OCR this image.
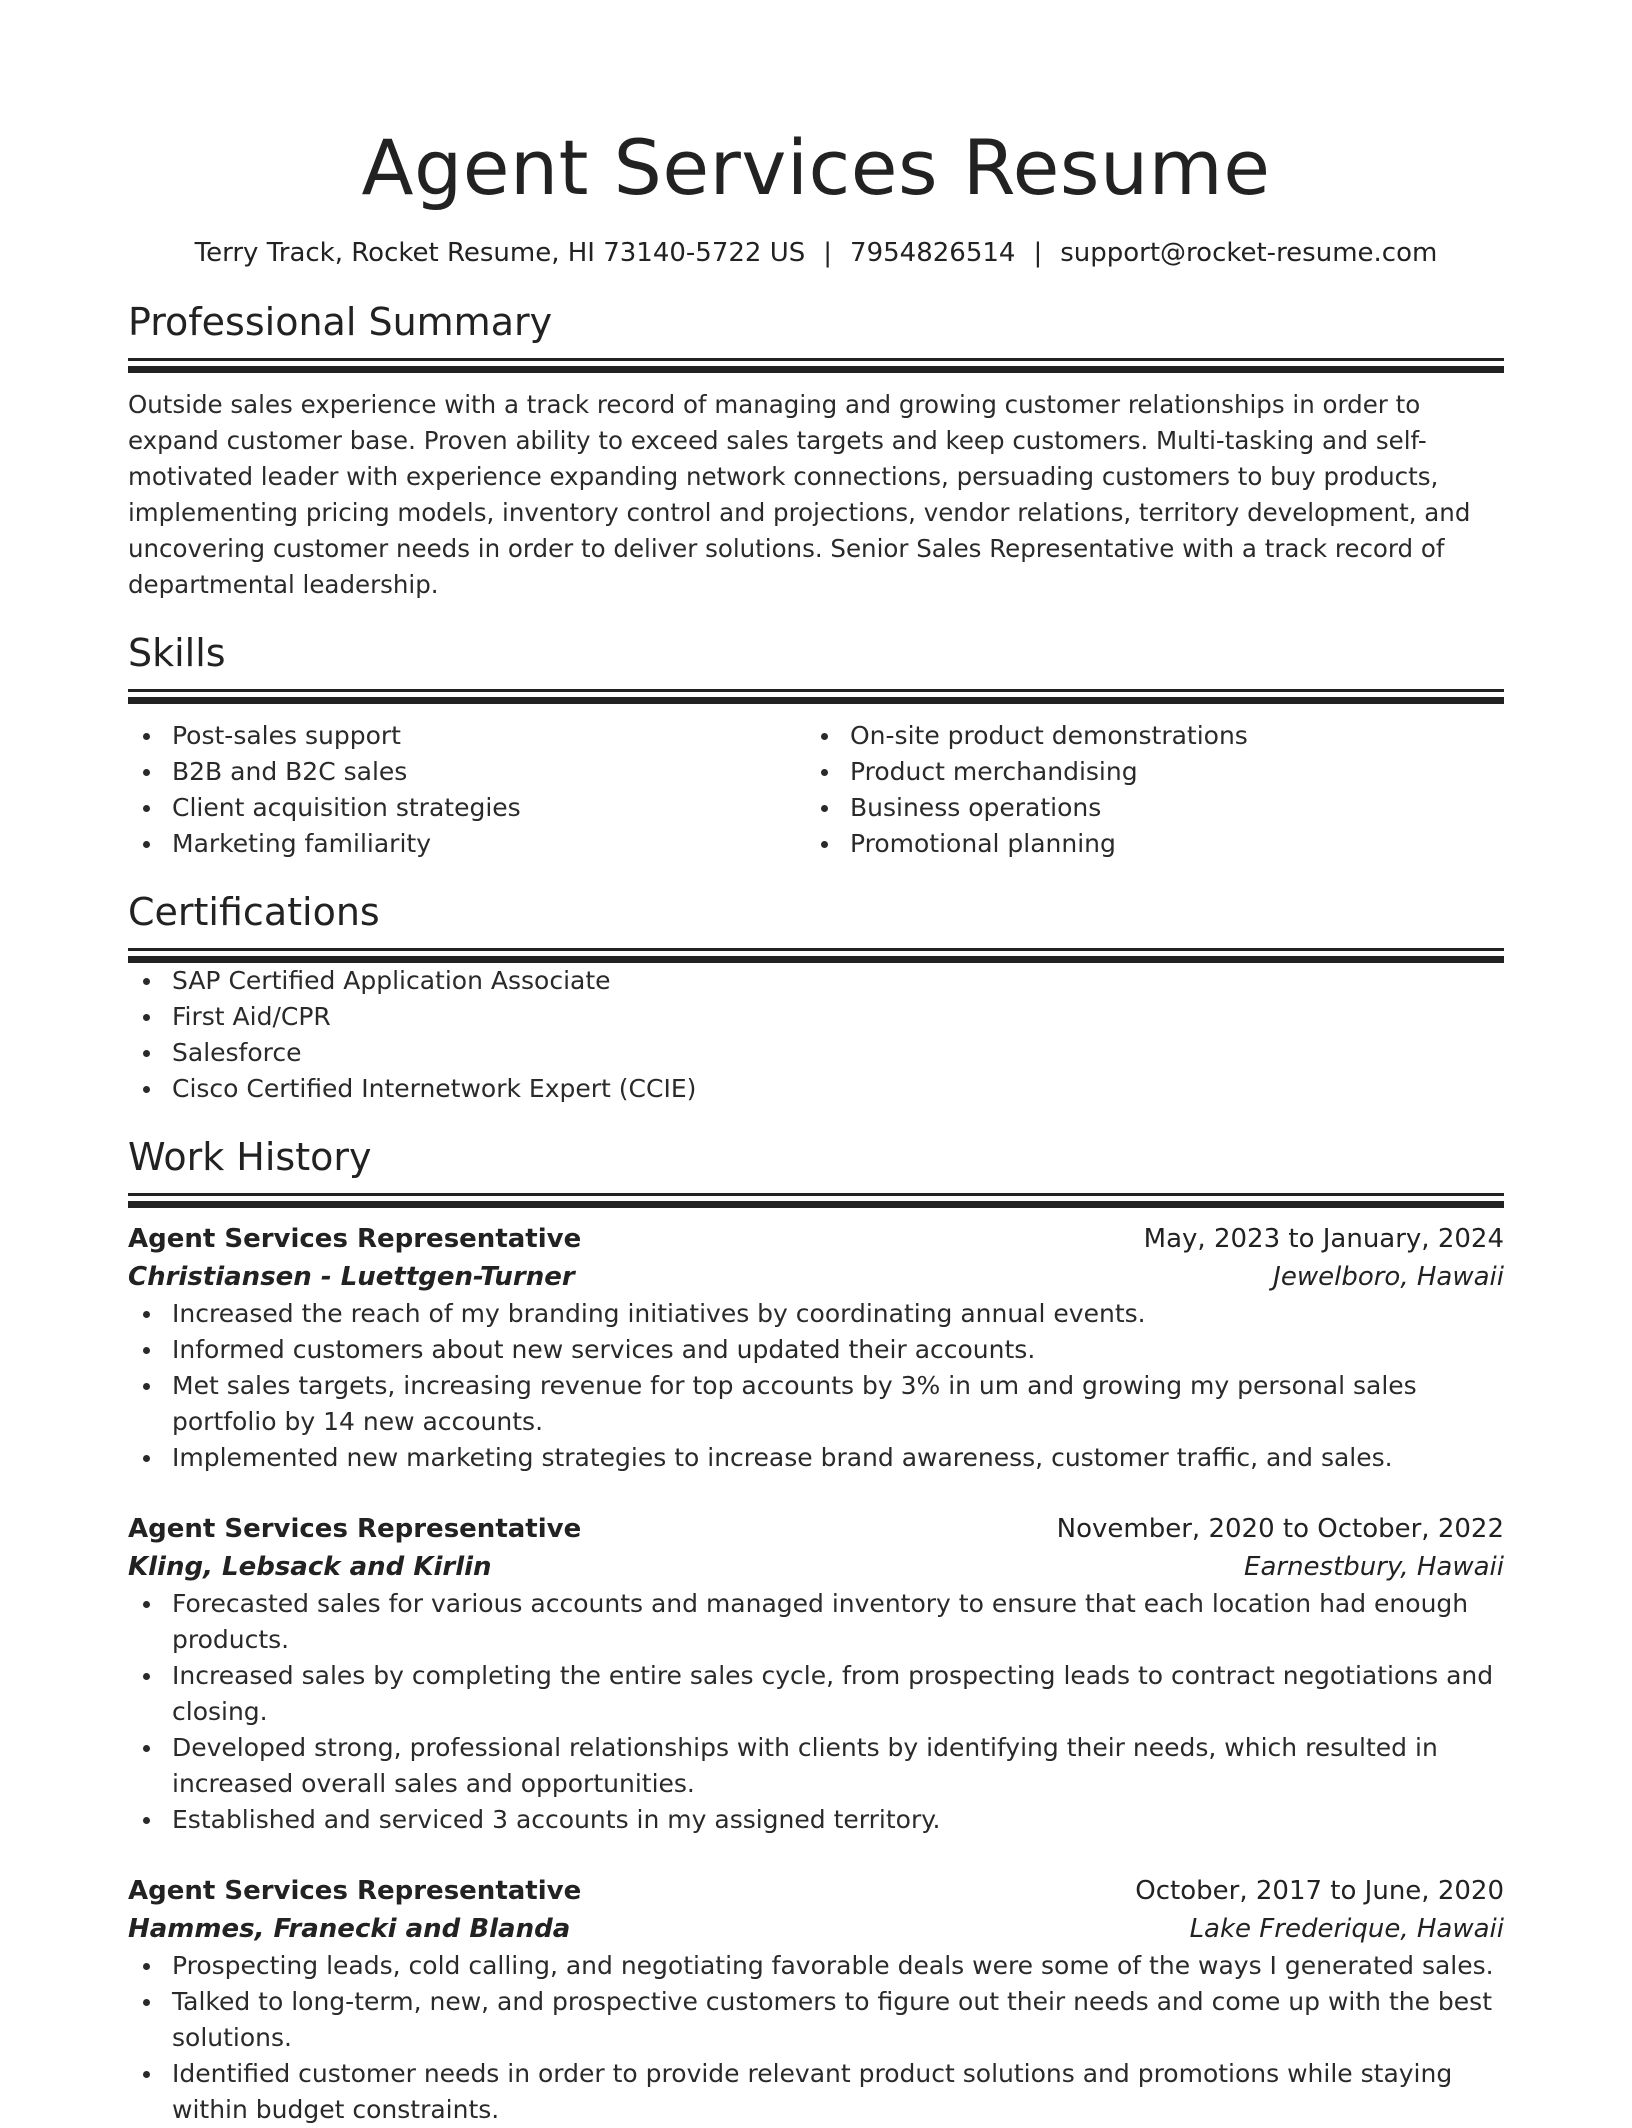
Agent Services Resume
Terry Track, Rocket Resume, HI 73140-5722 US | 7954826514 | support@rocket-resume.com
Professional Summary

Outside sales experience with a track record of managing and growing customer relationships in order to expand customer base. Proven ability to exceed sales targets and keep customers. Multi-tasking and self-motivated leader with experience expanding network connections, persuading customers to buy products, implementing pricing models, inventory control and projections, vendor relations, territory development, and uncovering customer needs in order to deliver solutions. Senior Sales Representative with a track record of departmental leadership.

Skills
Post-sales support
B2B and B2C sales
Client acquisition strategies
Marketing familiarity
On-site product demonstrations
Product merchandising
Business operations
Promotional planning
Certifications
SAP Certified Application Associate
First Aid/CPR
Salesforce
Cisco Certified Internetwork Expert (CCIE)
Work History
Agent Services Representative	May, 2023 to January, 2024
Christiansen - Luettgen-Turner	Jewelboro, Hawaii
Increased the reach of my branding initiatives by coordinating annual events.
Informed customers about new services and updated their accounts.
Met sales targets, increasing revenue for top accounts by 3% in um and growing my personal sales portfolio by 14 new accounts.
Implemented new marketing strategies to increase brand awareness, customer traffic, and sales.
Agent Services Representative	November, 2020 to October, 2022
Kling, Lebsack and Kirlin	Earnestbury, Hawaii
Forecasted sales for various accounts and managed inventory to ensure that each location had enough products.
Increased sales by completing the entire sales cycle, from prospecting leads to contract negotiations and closing.
Developed strong, professional relationships with clients by identifying their needs, which resulted in increased overall sales and opportunities.
Established and serviced 3 accounts in my assigned territory.
Agent Services Representative	October, 2017 to June, 2020
Hammes, Franecki and Blanda	Lake Frederique, Hawaii
Prospecting leads, cold calling, and negotiating favorable deals were some of the ways I generated sales.
Talked to long-term, new, and prospective customers to figure out their needs and come up with the best solutions.
Identified customer needs in order to provide relevant product solutions and promotions while staying within budget constraints.
